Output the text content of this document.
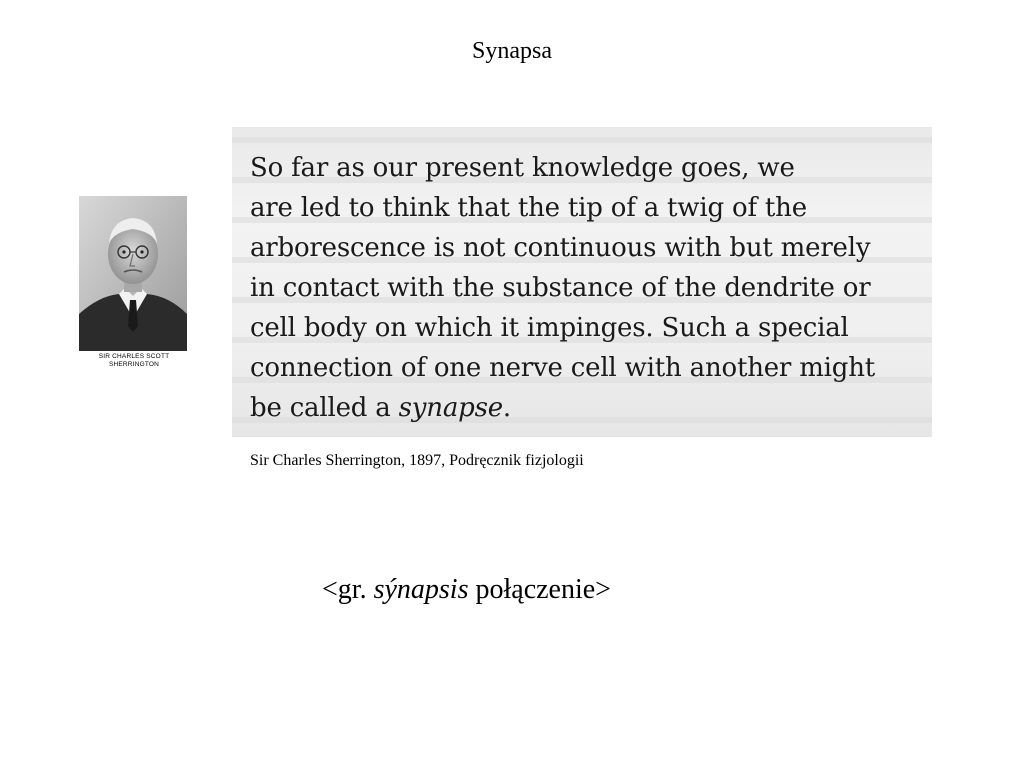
Synapsa
SIR CHARLES SCOTT
SHERRINGTON
So far as our present knowledge goes, we
are led to think that the tip of a twig of the
arborescence is not continuous with but merely
in contact with the substance of the dendrite or
cell body on which it impinges. Such a special
connection of one nerve cell with another might
be called a synapse.
Sir Charles Sherrington, 1897, Podręcznik fizjologii
<gr. sýnapsis połączenie>
